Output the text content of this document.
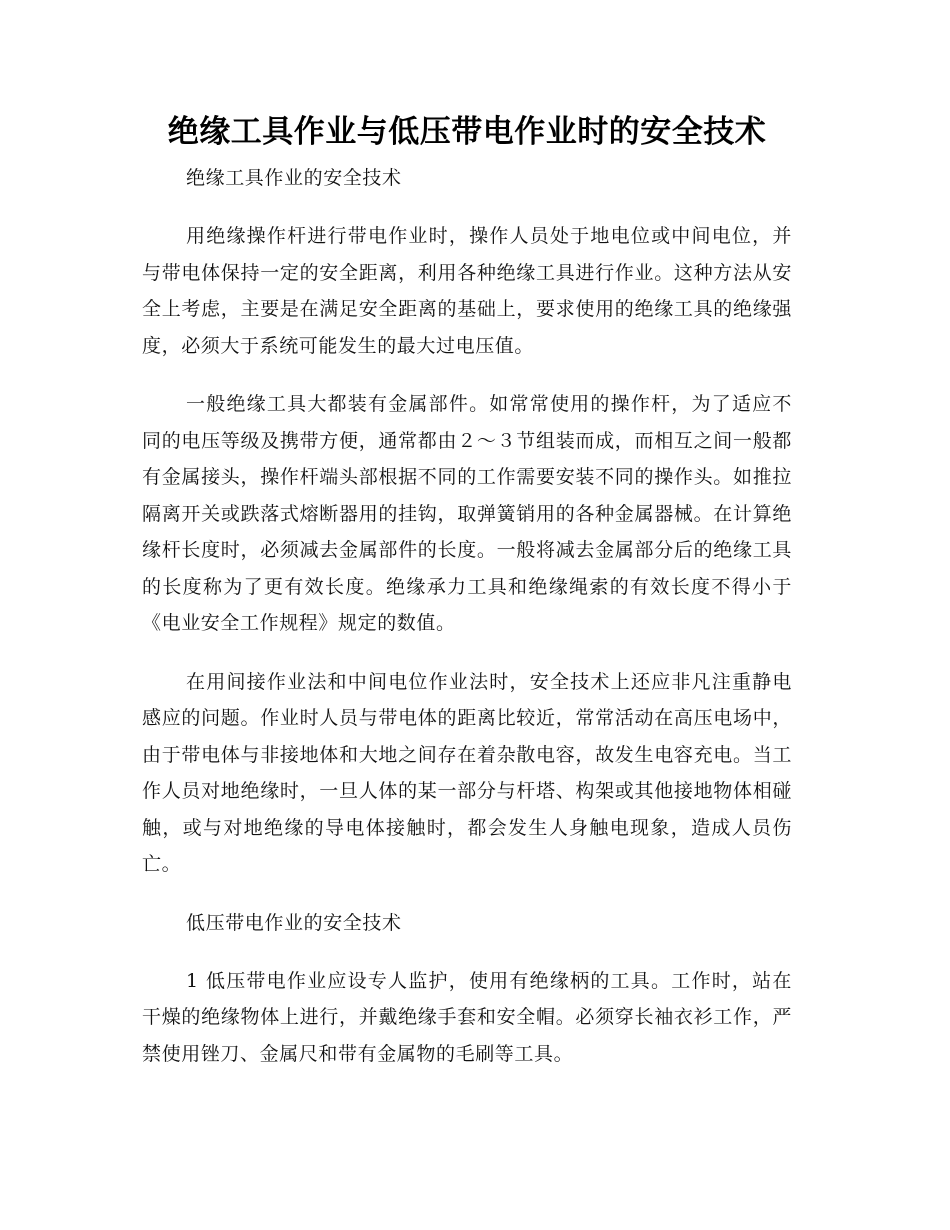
绝缘工具作业与低压带电作业时的安全技术
绝缘工具作业的安全技术

用绝缘操作杆进行带电作业时，操作人员处于地电位或中间电位，并与带电体保持一定的安全距离，利用各种绝缘工具进行作业。这种方法从安全上考虑，主要是在满足安全距离的基础上，要求使用的绝缘工具的绝缘强度，必须大于系统可能发生的最大过电压值。

一般绝缘工具大都装有金属部件。如常常使用的操作杆，为了适应不同的电压等级及携带方便，通常都由２～３节组装而成，而相互之间一般都有金属接头，操作杆端头部根据不同的工作需要安装不同的操作头。如推拉隔离开关或跌落式熔断器用的挂钩，取弹簧销用的各种金属器械。在计算绝缘杆长度时，必须减去金属部件的长度。一般将减去金属部分后的绝缘工具的长度称为了更有效长度。绝缘承力工具和绝缘绳索的有效长度不得小于《电业安全工作规程》规定的数值。

在用间接作业法和中间电位作业法时，安全技术上还应非凡注重静电感应的问题。作业时人员与带电体的距离比较近，常常活动在高压电场中，由于带电体与非接地体和大地之间存在着杂散电容，故发生电容充电。当工作人员对地绝缘时，一旦人体的某一部分与杆塔、构架或其他接地物体相碰触，或与对地绝缘的导电体接触时，都会发生人身触电现象，造成人员伤亡。

低压带电作业的安全技术

1 低压带电作业应设专人监护，使用有绝缘柄的工具。工作时，站在干燥的绝缘物体上进行，并戴绝缘手套和安全帽。必须穿长袖衣衫工作，严禁使用锉刀、金属尺和带有金属物的毛刷等工具。
